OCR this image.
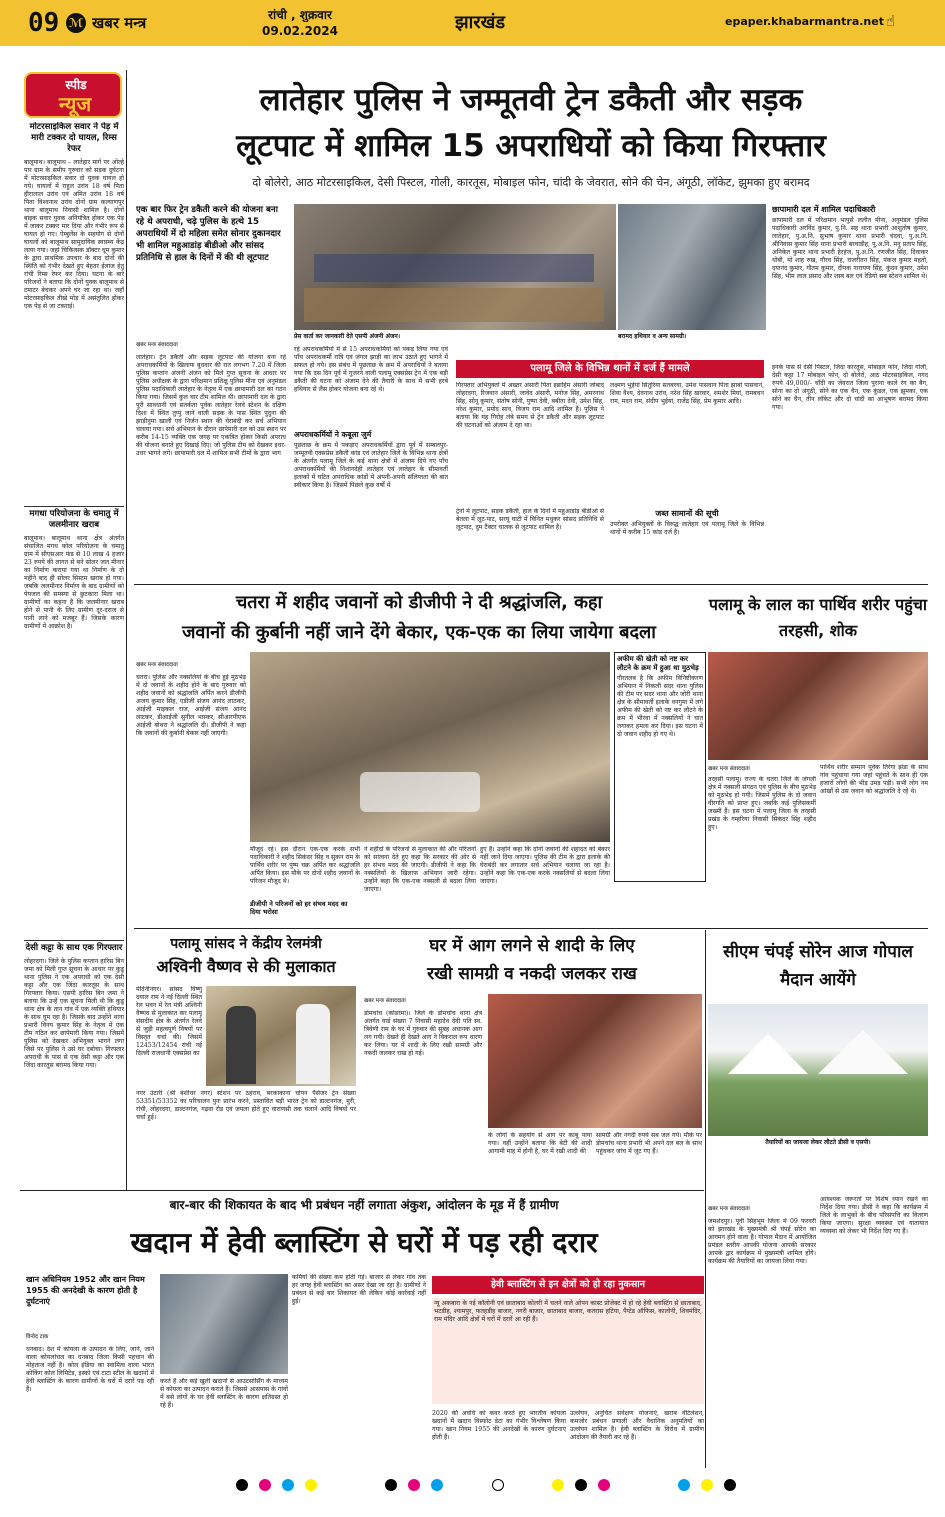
09 ℳ खबर मन्त्र	रांची , शुक्रवार
09.02.2024	झारखंड	epaper.khabarmantra.net ☝
स्पीड
न्यूज
मोटरसाइकिल सवार ने पेड़ में मारी टक्कर दो घायल, रिम्स रेफर
बालूमाथ। बालूमाथ – लातेहार मार्ग पर ओल्हे पार ग्राम के समीप गुरुवार को सड़क दुर्घटना में मोटरसाइकिल सवार दो युवक घायल हो गये। घायलों में राहुल उरांव 18 वर्ष पिता हीरालाल उरांव एवं अमित उरांव 18 वर्ष पिता विश्वनाथ उरांव दोनों ग्राम कल्याणपुर थाना बालूमाथ निवासी शामिल है। दोनों बाइक सवार युवक अनियंत्रित होकर एक पेड़ में जाकर टक्कर मार दिया और गंभीर रूप से घायल हो गए। ऐम्बुलेंस के सहयोग से दोनों घायलों को बालूमाथ सामुदायिक स्वास्थ्य केंद्र लाया गया। जहां चिकित्सक डॉक्टर धूम कुमार के द्वारा प्राथमिक उपचार के बाद दोनों की स्थिति को गंभीर देखते हुए बेहतर ईलाज हेतु रांची रिम्स रेफर कर दिया। घटना के बारे परिजनों ने बताया कि दोनों युवक बालूमाथ से टमाटर बेचकर अपने घर जा रहा था। जहाँ मोटरसाइकिल तीखे मोड़ में असंतुलित होकर एक पेड़ से जा टकराई।
मगधा परियोजना के चमातु में जलमीनार खराब
बालूमाथ। बालूमाथ थाना क्षेत्र अंतर्गत संचालित मगध कोल परियोजना के चमातु ग्राम में सीएसआर फंड से 10 लाख 4 हजार 23 रुपये की लागत से बने सोलर जल मीनार का निर्माण कराया गया था निर्माण के दो महीने बाद ही सोलर सिस्टम खराब हो गया। जबकि जलमीनार निर्माण के बाद ग्रामीणों को पेयजल की समस्या से छुटकारा मिला था। ग्रामीणों का कहना है कि जलमीनार खराब होने से पानी के लिए ग्रामीण दूर-दराज से पानी लाने को मजबूर हैं। जिसके कारण ग्रामीणों में आक्रोश है।
देसी कट्टा के साथ एक गिरफ्तार
लोहरदगा। जिले के पुलिस कप्तान हारिस बिन जमा को मिली गुप्त सूचना के आधार पर कुडू थाना पुलिस ने एक अपराधी को एक देसी कट्टा और एक जिंदा कारतूस के साथ गिरफ्तार किया। एसपी हारिस बिन जमा ने बताया कि उन्हें एक सूचना मिली थी कि कुडू थाना क्षेत्र के तान गांव में एक व्यक्ति हथियार के साथ घूम रहा है। जिसके बाद उन्होंने थाना प्रभारी विनय कुमार सिंह के नेतृत्व में एक टीम गठित कर छापेमारी किया गया। जिसमें पुलिस को देखकर अभियुक्त भागने लगा जिसे पर पुलिस ने उसे घर दबोचा। गिरफ्तार अपराधी के पास से एक देसी कट्टा और एक जिंदा कारतूस बरामद किया गया।
लातेहार पुलिस ने जम्मूतवी ट्रेन डकैती और सड़क
लूटपाट में शामिल 15 अपराधियों को किया गिरफ्तार
दो बोलेरो, आठ मोटरसाइकिल, देसी पिस्टल, गोली, कारतूस, मोबाइल फोन, चांदी के जेवरात, सोने की चेन, अंगूठी, लॉकेट, झुमका हुए बरामद
एक बार फिर ट्रेन डकैती करने की योजना बना रहे थे अपराधी, चढ़े पुलिस के हत्थे 15 अपराधियों में दो महिला समेत सोनार दुकानदार भी शामिल महुआडांड़ बीडीओ और सांसद प्रतिनिधि से हाल के दिनों में की थी लूटपाट
प्रेस वार्ता कर जानकारी देते एसपी अंजनी अंजन।	बरामद हथियार व अन्य सामग्री।
छापामारी दल में शामिल पदाधिकारी
छापामारी दल में परिक्षमान भापुसे ललीत मीना, अनुमंडल पुलिस पदाधिकारी अरविंद कुमार, पु.नि. सह थाना प्रभारी आशुतोष कुमार, लातेहार, पु.अ.नि. सुभाष कुमार थाना प्रभारी चंदवा, पु.अ.नि. श्रीनिवास कुमार सिंह थाना प्रभारी बरवाडीह, पु.अ.नि. मनु प्रताप सिंह, अनिकेत कुमार थाना प्रभारी हेरहंज, पु.अ.नि. रणजीत सिंह, दिवाकर धोबी, मो शाह रुख, गौरव सिंह, राजरीतन सिंह, पंकज कुमार महतो, दयानंद कुमार, गौतम कुमार, दीपक नारायण सिंह, कुंदन कुमार, उमेश सिंह, भीम लाल प्रसाद और शस्त्र बल एवं रेडियो सब स्टेशन शामिल थे।
खबर मन्त्र संवाददाता
लातेहार। ट्रेन डकैती और सड़क लूटपाट की योजना बना रहे अपराधकर्मियों के खिलाफ बुधवार की रात लगभग 7.20 में जिला पुलिस कप्तान अंजनी अंजन को मिले गुप्त सूचना के आधार पर पुलिस अधीक्षक के द्वारा परिक्षमान प्रशिक्षु पुलिस मीना एवं अनुमंडल पुलिस पदाधिकारी लातेहार के नेतृत्व में एक छापामारी दल का गठन किया गया। जिसमें कुल चार टीम शामिल थी। छापामारी दल के द्वारा पूरी सावधानी एवं सतर्कता पूर्वक लातेहार रेलवे स्टेशन के दक्षिण दिशा में स्थित तुप्पु जाने वाली सड़क के पास स्थित पुदुना की झाड़ीनुमा खाली एवं निर्जन स्थान की घेराबंदी कर सर्च अभियान चलाया गया। सर्च अभियान के दौरान छापेमारी दल को उस स्थान पर करीब 14-15 व्यक्ति एक जगह पर एकत्रित होकर किसी अपराध की योजना बनाते हुए दिखाई दिए। जो पुलिस टीम को देखकर इधर-उधर भागने लगे। छापामारी दल में शामिल सभी टीमों के द्वारा भाग
रहे अपराधकर्मियों में से 15 अपराधकर्मियों को पकड़ लिया गया एवं पाँच अपराधकर्मी रात्रि एवं जंगल झाड़ी का लाभ उठाते हुए भागने में सफल हो गये। इस संबंध में पूछताछ के क्रम में अपराधियों ने बताया गया कि दस दिन पूर्व में गुजरने वाली पलामू एक्सप्रेस ट्रेन में एक बड़ी डकैती की घटना को अंजाम देने की तैयारी के साथ में सभी हरबे हथियार से लैस होकर योजना बना रहे थे।
अपराधकर्मियों ने कबूला जुर्म
पूछताछ के क्रम में पकड़ाए अपराधकर्मियों द्वारा पूर्व में सम्बलपुर-जम्मूतवी एक्सप्रेस डकैती कांड एवं लातेहार जिले के विभिन्न थाना क्षेत्रों के अंतर्गत पलामू जिले के कई थाना क्षेत्रों में अंजाम दिये गए पाँच अपराधकर्मियों की निशानदेही लातेहार एवं लातेहार के सीमावर्ती इलाकों में घटित अपराधिक कांडों में अपनी-अपनी संलिप्तता की बात स्वीकार किया है। जिसमें पिछले कुछ वर्षों में
पलामू जिले के विभिन्न थानों में दर्ज हैं मामले
गिरफ्तार अभियुक्तों में अख्तर अंसारी पिता इब्राहिम अंसारी जोंबाद लोहरदगा, रिजवान अंसारी, जावेद अंसारी, मनोज सिंह, अमरनाथ सिंह, सोनू कुमार, संतोष सोनी, पुष्पा देवी, बबीता देवी, उमेश सिंह, नरेश कुमार, प्रमोद साव, विजय राम आदि शामिल हैं। पुलिस ने बताया कि यह गिरोह लंबे समय से ट्रेन डकैती और सड़क लूटपाट की घटनाओं को अंजाम दे रहा था।
लक्ष्मण भुईयां सितुरिया सतबरवा, उमेश पासवान पिता झाबो पासवान, शिवा वैश्य, देवनाथ उरांव, नरेश सिंह खरवार, शमशेर मियां, रामबचन राम, मदन राम, संदीप भुईयां, राजेंद्र सिंह, प्रेम कुमार आदि।
ट्रेनों में लूटपाट, सड़क डकैती, हाल के दिनों में महुआडांड़ बीडीओ से बेतला में लूट-पाट, सरयू घाटी में विनित मधुकर सांसद प्रतिनिधि से लूटपाट, दुम टैंक्टर चालक से लूटपाट शामिल है।
जब्त सामानों की सूची
उपरोक्त अभियुक्तों के विरुद्ध लातेहार एवं पलामू जिले के विभिन्न थानों में करीब 15 कांड दर्ज है।
इनके पास से देसी पिस्टल, जिंदा कारतूस, मोबाइल फोन, जिंदा गोली, देसी कट्टा 17 मोबाइल फोन, दो बोलेरो, आठ मोटरसाइकिल, नगद रुपये 49,000/- चाँदी का जेवरात जिला पुराना काले रंग का बैग, सोना का दो अंगूठी, सोने का एक चैन, एक कुंडल, एक झुमका, एक सोने का चैन, तीन लॉकेट और दो चांदी का आभूषण बरामद किया गया।
चतरा में शहीद जवानों को डीजीपी ने दी श्रद्धांजलि, कहा
जवानों की कुर्बानी नहीं जाने देंगे बेकार, एक-एक का लिया जायेगा बदला
खबर मन्त्र संवाददाता
चतरा। पुलिस और नक्सलियों के बीच हुई मुठभेड़ में दो जवानों के शहीद होने के बाद गुरुवार को शहीद जवानों को श्रद्धांजलि अर्पित करने डीजीपी अजय कुमार सिंह, एडीजी संजय आनंद लाठकर, आईजी माइकल राज, आईजी संजय आनंद लाटकर, डीआईजी सुनील भास्कर, सीआरपीएफ आईजी बोथरा ने श्रद्धांजलि दी। डीजीपी ने कहा कि जवानों की कुर्बानी बेकार नहीं जाएगी।
अफीम की खेती को नष्ट कर लौटने के क्रम में हुआ था मुठभेड़
गौरतलब है कि अफीम विनिष्टीकरण अभियान में निकली सदर थाना पुलिस की टीम पर सदर थाना और जोरी थाना क्षेत्र के सीमावर्ती इलाके वनगुमा में लगे अफीम की खेती को नष्ट कर लौटने के क्रम में भीरवा में नक्सलियों ने घात लगाकर हमला कर दिया। इस घटना में दो जवान शहीद हो गए थे।
मौजूद रहे। इस दौरान एक-एक करके सभी पदाधिकारी ने शहीद सिकंदर सिंह व सुकन राम के पार्थिव शरीर पर पुष्प चक्र अर्पित कर श्रद्धांजलि अर्पित किया। इस मौके पर दोनों शहीद जवानों के परिजन मौजूद थे।
डीजीपी ने परिजनों को हर संभव मदद का दिया भरोसा
ने शहीदों के परिजनों से मुलाकात की और परिजनों को सांत्वना देते हुए कहा कि सरकार की ओर से हर संभव मदद की जाएगी। डीजीपी ने कहा कि नक्सलियों के खिलाफ अभियान जारी रहेगा। उन्होंने कहा कि एक-एक नक्सली से बदला लिया जाएगा।
हुए हैं। उन्होंने कहा कि दोनों जवानों की शहादत को बेकार नहीं जाने दिया जाएगा। पुलिस की टीम के द्वारा इलाके की घेराबंदी कर लगातार सर्च अभियान चलाया जा रहा है। उन्होंने कहा कि एक-एक करके नक्सलियों से बदला लिया जाएगा।
पलामू के लाल का पार्थिव शरीर पहुंचा तरहसी, शोक
खबर मन्त्र संवाददाता
तरहसी पलामू। राज्य के चतरा जिले के जंगली क्षेत्र में नक्सली संगठन एवं पुलिस के बीच मुठभेड़ को मुठभेड़ हो गयी। जिसमें पुलिस के दो जवान वीरगति को प्राप्त हुए। जबकि कई पुलिसकर्मी जख्मी हैं। इस घटना में पलामू जिला के तरहसी प्रखंड के गम्हरिया निवासी सिकंदर सिंह शहीद हुए।
पार्थिव शरीर सम्मान पूर्वक तिरंगा झंडा के साथ गांव पहुंचाया गया जहां पहुंचते के साथ ही एक हजारों लोगों की भीड़ उमड़ पड़ी। सभी लोग नम आंखों से उस जवान को श्रद्धांजलि दे रहे थे।
पलामू सांसद ने केंद्रीय रेलमंत्री
अश्विनी वैष्णव से की मुलाकात
मेदिनीनगर। सांसद विष्णु दयाल राम ने नई दिल्ली स्थित रेल भवन में रेल मंत्री अश्विनी वैष्णव से मुलाकात कर पलामू संसदीय क्षेत्र के अंतर्गत रेलवे से जुड़ी महत्वपूर्ण विषयों पर विस्तृत चर्चा की। जिसमें 12453/12454 रांची नई दिल्ली राजधानी एक्सप्रेस का
नगर उंटारी (श्री बंशीधर नगर) स्टेशन पर ठहराव, बरकाकाना चोपन पैसेंजर ट्रेन संख्या 53351/53352 का परिचालन पुनः प्रारंभ करने, प्रस्तावित बड़ी भारत ट्रेन को डाल्टनगंज, मुरी, रांची, लोहरदगा, डाल्टनगंज, गढ़वा रोड एवं जपला होते हुए वाराणसी तक चलाने आदि विषयों पर चर्चा हुई।
घर में आग लगने से शादी के लिए
रखी सामग्री व नकदी जलकर राख
खबर मन्त्र संवाददाता
डोमचांच (कोडरमा)। जिले के डोमचांच थाना क्षेत्र अंतर्गत वार्ड संख्या 7 निवासी महादेव देवी पति स्व. त्रिवेणी राम के घर में गुरुवार की सुबह अचानक आग लग गयी। देखते ही देखते आग ने विकराल रूप धारण कर लिया। घर में शादी के लिए रखी सामग्री और नकदी जलकर राख हो गई।
के लोगों के सहयोग से आग पर काबू पाया गया। वहीं उन्होंने बताया कि बेटी की शादी आगामी माह में होनी है, घर में रखी शादी की
सामग्री और नगदी रुपये सब जल गये। मौके पर डोमचांच थाना प्रभारी भी अपने दल बल के साथ पहुंचकर जांच में जुट गए हैं।
सीएम चंपई सोरेन आज गोपाल मैदान आयेंगे
तैयारियों का जायजा लेकर लौटते डीसी व एसपी।
खबर मन्त्र संवाददाता
जमशेदपुर। पूर्वी सिंहभूम जिला में 09 फरवरी को झारखंड के मुख्यमंत्री श्री चंपई सोरेन का आगमन होने वाला है। गोपाल मैदान में आयोजित प्रमंडल स्तरीय आपकी योजना आपकी सरकार आपके द्वार कार्यक्रम में मुख्यमंत्री शामिल होंगे। कार्यक्रम की तैयारियों का जायजा लिया गया।
आवश्यक जरूरतों पर विशेष ध्यान रखने का निर्देश दिया गया। डीसी ने कहा कि कार्यक्रम में जिले के लाभुकों के बीच परिसंपत्ति का वितरण किया जाएगा। सुरक्षा व्यवस्था एवं यातायात व्यवस्था को लेकर भी निर्देश दिए गए हैं।
बार-बार की शिकायत के बाद भी प्रबंधन नहीं लगाता अंकुश, आंदोलन के मूड में हैं ग्रामीण
खदान में हेवी ब्लास्टिंग से घरों में पड़ रही दरार
खान अधिनियम 1952 और खान नियम 1955 की अनदेखी के कारण होती है दुर्घटनाएं
विनोद टाक
धनबाद। देश में कोयला के उत्पादन के लिए, जाने, जाने वाला कोयलांचल का धनबाद जिला किसी पहचान की मोहताज नहीं है। कोल इंडिया का स्वामित्व वाला भारत कोकिंग कोल लिमिटेड, इस्को एवं टाटा स्टील के खदानों में हेवी ब्लास्टिंग के कारण ग्रामीणों के घरों में दरारें पड़ रही हैं।
करते हैं और कई खुली खदानों से आउटसोर्सिंग के माध्यम से कोयला का उत्पादन कराते हैं। जिससे आसपास के गांवों में बसे लोगों के घर हेवी ब्लास्टिंग के कारण क्षतिग्रस्त हो रहे हैं।
कर्मियों की संख्या कम होती गई। बाजार से लेकर गांव तक हर जगह हेवी ब्लास्टिंग का असर देखा जा रहा है। ग्रामीणों ने प्रबंधन से कई बार शिकायत की लेकिन कोई कार्रवाई नहीं हुई।
हेवी ब्लास्टिंग से इन क्षेत्रों को हो रहा नुकसान
न्यू अकबारा के नई कॉलोनी एवं छाताबाद कोलरी में चलने वाले ओपन कास्ट प्रोजेक्ट में हो रहे हेवी ब्लास्टिंग से छाताबाद, भटडीह, श्यामपुर, फतहडीह बाजार, नगरी बाजार, छाताबाद बाजार, कतरास हटिया, पैप्टेड ऑफिस, कालोनी, शिवमंदिर, राम मंदिर आदि क्षेत्रों में घरों में दरारें आ रही हैं।
2020 की अवधि को कवर करते हुए भारतीय कोयला खदानों में खदान विस्फोट डेटा का गंभीर विश्लेषण किया गया। खान नियम 1955 की अनदेखी के कारण दुर्घटनाएं होती हैं।
उल्लंघन, अनुचित सर्वेक्षण योजनाएं, खराब वेंटिलेशन, कमजोर प्रबंधन प्रणाली और वैधानिक अनुमतियों का उल्लंघन शामिल है। हेवी ब्लास्टिंग के विरोध में ग्रामीण आंदोलन की तैयारी कर रहे हैं।
